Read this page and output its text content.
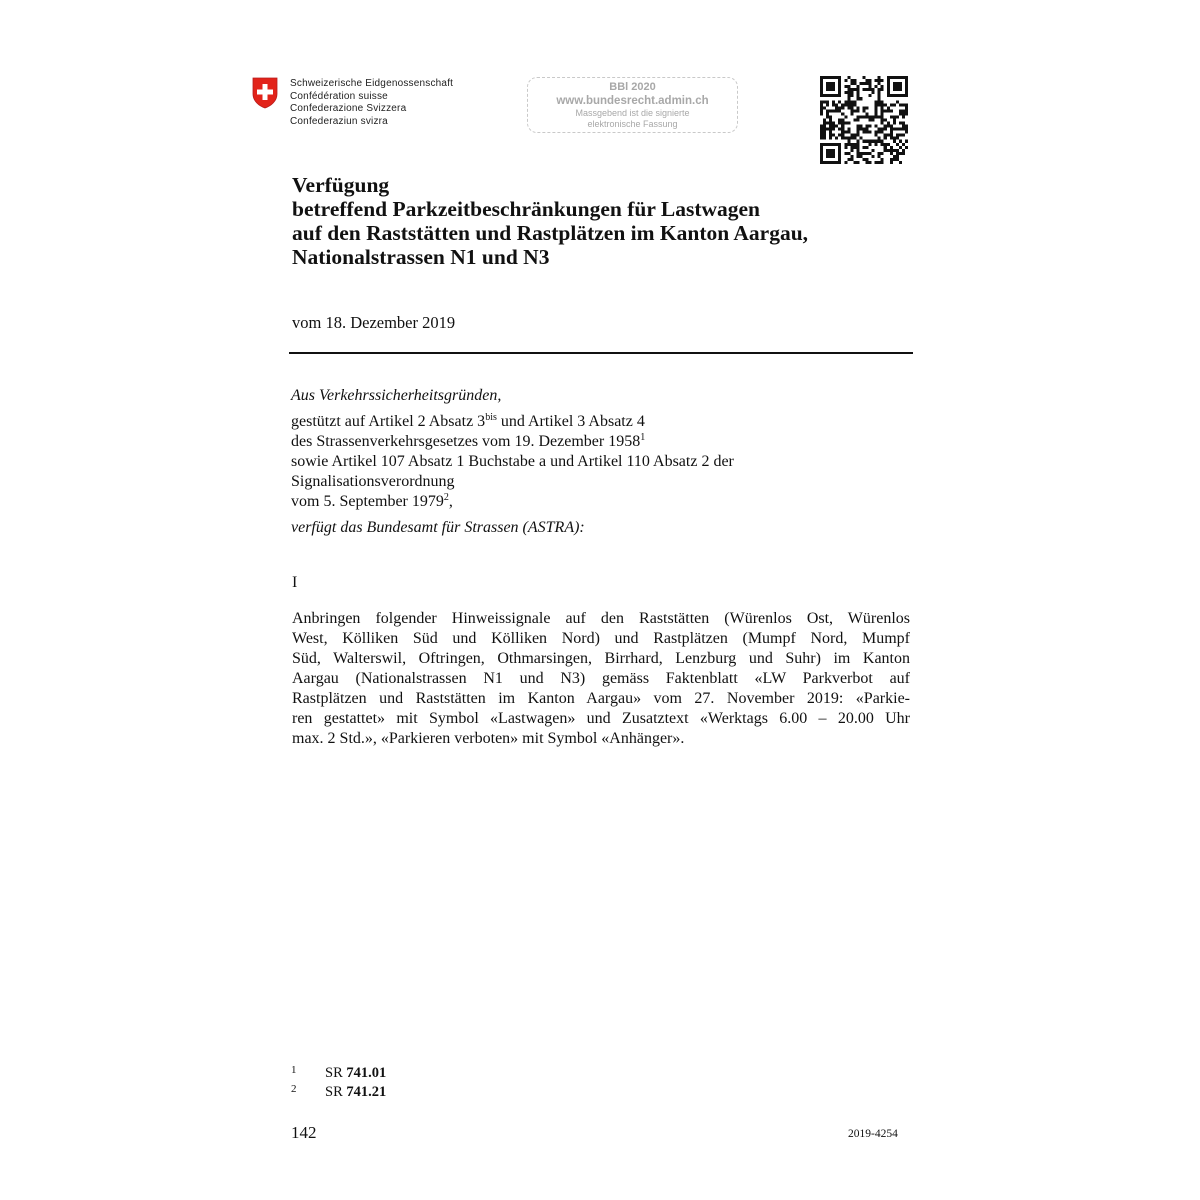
Schweizerische Eidgenossenschaft
Confédération suisse
Confederazione Svizzera
Confederaziun svizra
BBl 2020
www.bundesrecht.admin.ch
Massgebend ist die signierte
elektronische Fassung
Verfügung
betreffend Parkzeitbeschränkungen für Lastwagen
auf den Raststätten und Rastplätzen im Kanton Aargau,
Nationalstrassen N1 und N3
vom 18. Dezember 2019
Aus Verkehrssicherheitsgründen,
gestützt auf Artikel 2 Absatz $3^{bis}$ und Artikel 3 Absatz 4
des Strassenverkehrsgesetzes vom 19. Dezember 1958$^1$
sowie Artikel 107 Absatz 1 Buchstabe a und Artikel 110 Absatz 2 der
Signalisationsverordnung
vom 5. September 1979$^2$,
verfügt das Bundesamt für Strassen (ASTRA):
I
Anbringen folgender Hinweissignale auf den Raststätten (Würenlos Ost, Würenlos
West, Kölliken Süd und Kölliken Nord) und Rastplätzen (Mumpf Nord, Mumpf
Süd, Walterswil, Oftringen, Othmarsingen, Birrhard, Lenzburg und Suhr) im Kanton
Aargau (Nationalstrassen N1 und N3) gemäss Faktenblatt «LW Parkverbot auf
Rastplätzen und Raststätten im Kanton Aargau» vom 27. November 2019: «Parkie-
ren gestattet» mit Symbol «Lastwagen» und Zusatztext «Werktags 6.00 – 20.00 Uhr
max. 2 Std.», «Parkieren verboten» mit Symbol «Anhänger».
1 SR 741.01
2 SR 741.21
142	2019-4254
